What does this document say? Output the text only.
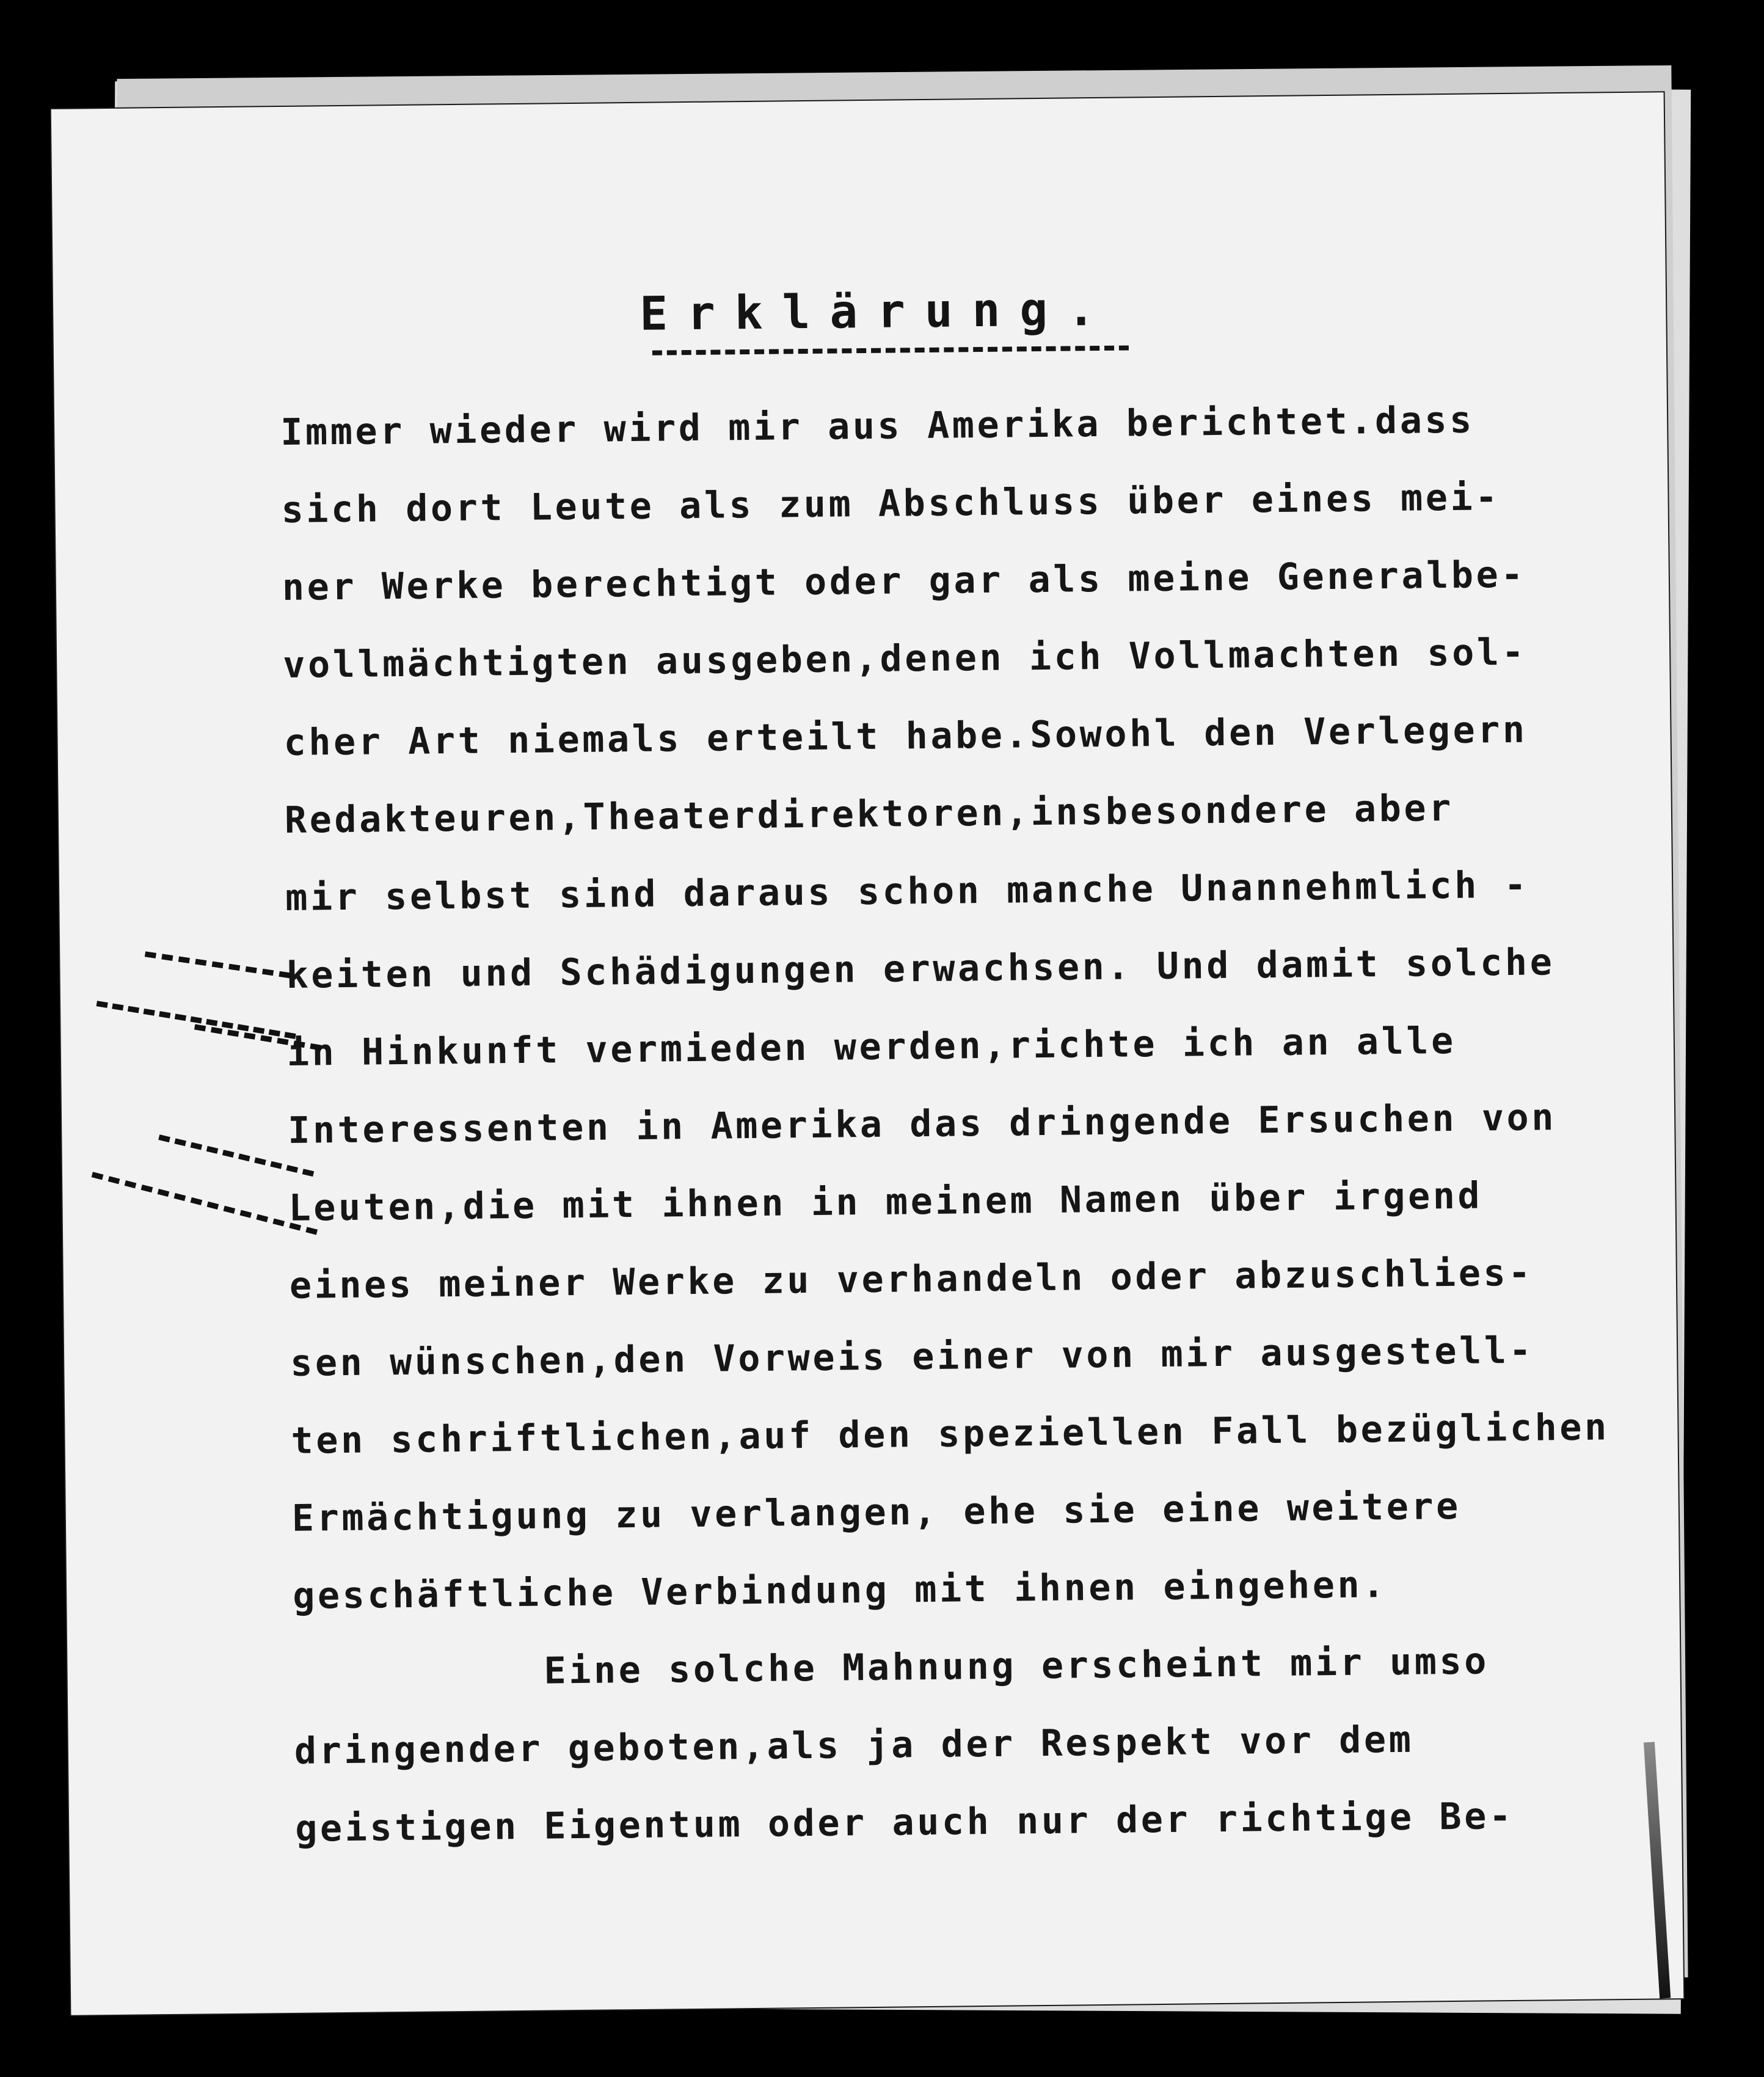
Erklärung.
Immer wieder wird mir aus Amerika berichtet.dass
sich dort Leute als zum Abschluss über eines mei-
ner Werke berechtigt oder gar als meine Generalbe-
vollmächtigten ausgeben,denen ich Vollmachten sol-
cher Art niemals erteilt habe.Sowohl den Verlegern
Redakteuren,Theaterdirektoren,insbesondere aber
mir selbst sind daraus schon manche Unannehmlich -
keiten und Schädigungen erwachsen. Und damit solche
in Hinkunft vermieden werden,richte ich an alle
Interessenten in Amerika das dringende Ersuchen von
Leuten,die mit ihnen in meinem Namen über irgend
eines meiner Werke zu verhandeln oder abzuschlies-
sen wünschen,den Vorweis einer von mir ausgestell-
ten schriftlichen,auf den speziellen Fall bezüglichen
Ermächtigung zu verlangen, ehe sie eine weitere
geschäftliche Verbindung mit ihnen eingehen.
Eine solche Mahnung erscheint mir umso
dringender geboten,als ja der Respekt vor dem
geistigen Eigentum oder auch nur der richtige Be-
